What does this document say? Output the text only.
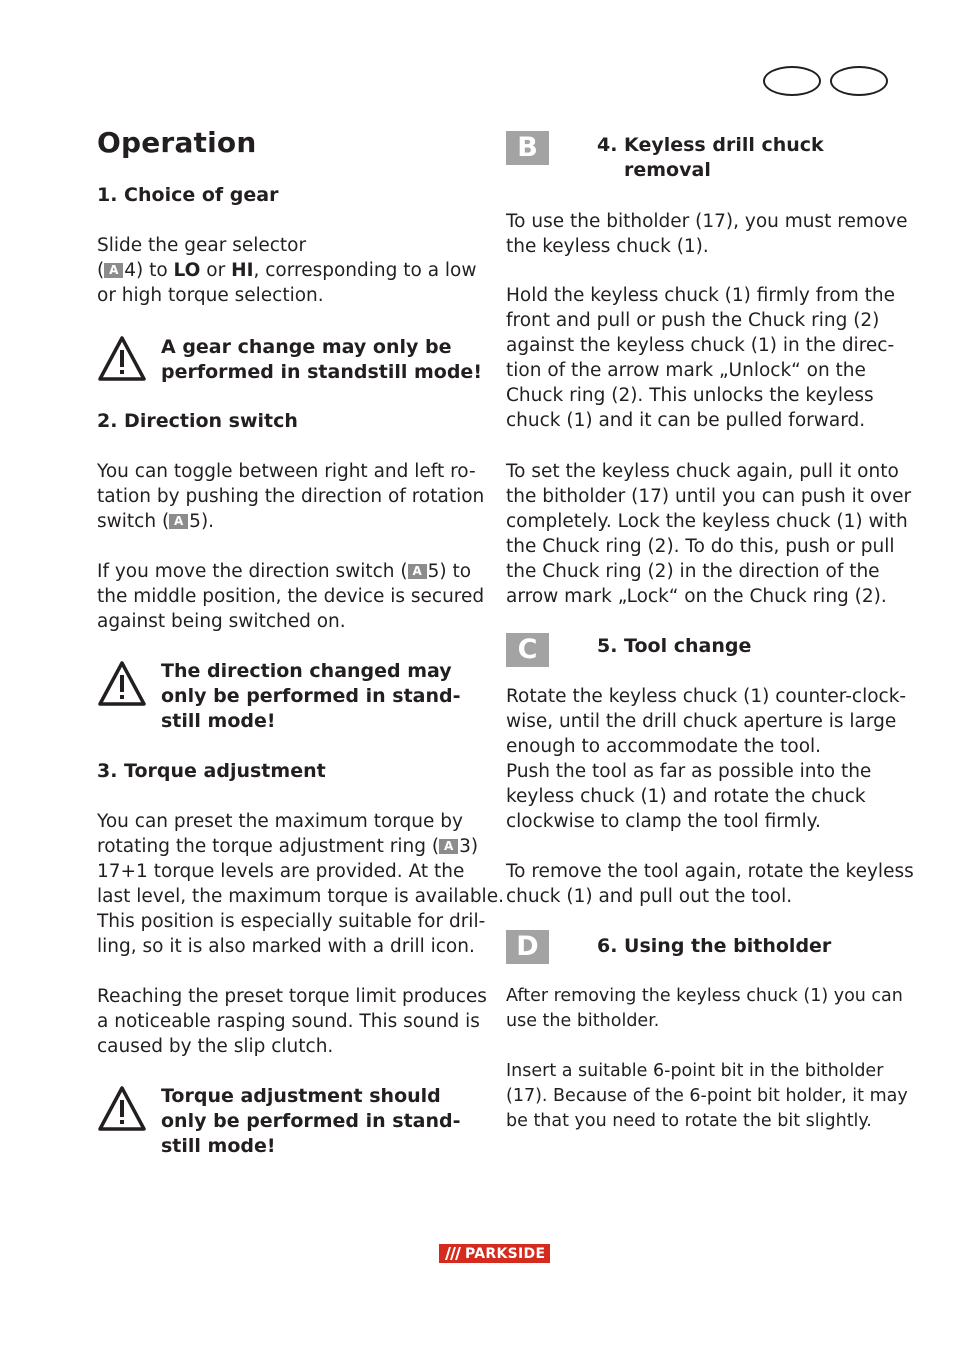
Operation
1. Choice of gear
Slide the gear selector
( A 4) to LO or HI, corresponding to a low
or high torque selection.
A gear change may only be
performed in standstill mode!
2. Direction switch
You can toggle between right and left ro-
tation by pushing the direction of rotation
switch ( A 5).
If you move the direction switch ( A 5) to
the middle position, the device is secured
against being switched on.
The direction changed may
only be performed in stand-
still mode!
3. Torque adjustment
You can preset the maximum torque by
rotating the torque adjustment ring ( A 3)
17+1 torque levels are provided. At the
last level, the maximum torque is available.
This position is especially suitable for dril-
ling, so it is also marked with a drill icon.
Reaching the preset torque limit produces
a noticeable rasping sound. This sound is
caused by the slip clutch.
Torque adjustment should
only be performed in stand-
still mode!
B	4. Keyless drill chuck
removal
To use the bitholder (17), you must remove
the keyless chuck (1).
Hold the keyless chuck (1) firmly from the
front and pull or push the Chuck ring (2)
against the keyless chuck (1) in the direc-
tion of the arrow mark „Unlock“ on the
Chuck ring (2). This unlocks the keyless
chuck (1) and it can be pulled forward.
To set the keyless chuck again, pull it onto
the bitholder (17) until you can push it over
completely. Lock the keyless chuck (1) with
the Chuck ring (2). To do this, push or pull
the Chuck ring (2) in the direction of the
arrow mark „Lock“ on the Chuck ring (2).
C	5. Tool change
Rotate the keyless chuck (1) counter-clock-
wise, until the drill chuck aperture is large
enough to accommodate the tool.
Push the tool as far as possible into the
keyless chuck (1) and rotate the chuck
clockwise to clamp the tool firmly.
To remove the tool again, rotate the keyless
chuck (1) and pull out the tool.
D	6. Using the bitholder
After removing the keyless chuck (1) you can
use the bitholder.
Insert a suitable 6-point bit in the bitholder
(17). Because of the 6-point bit holder, it may
be that you need to rotate the bit slightly.
PARKSIDE
